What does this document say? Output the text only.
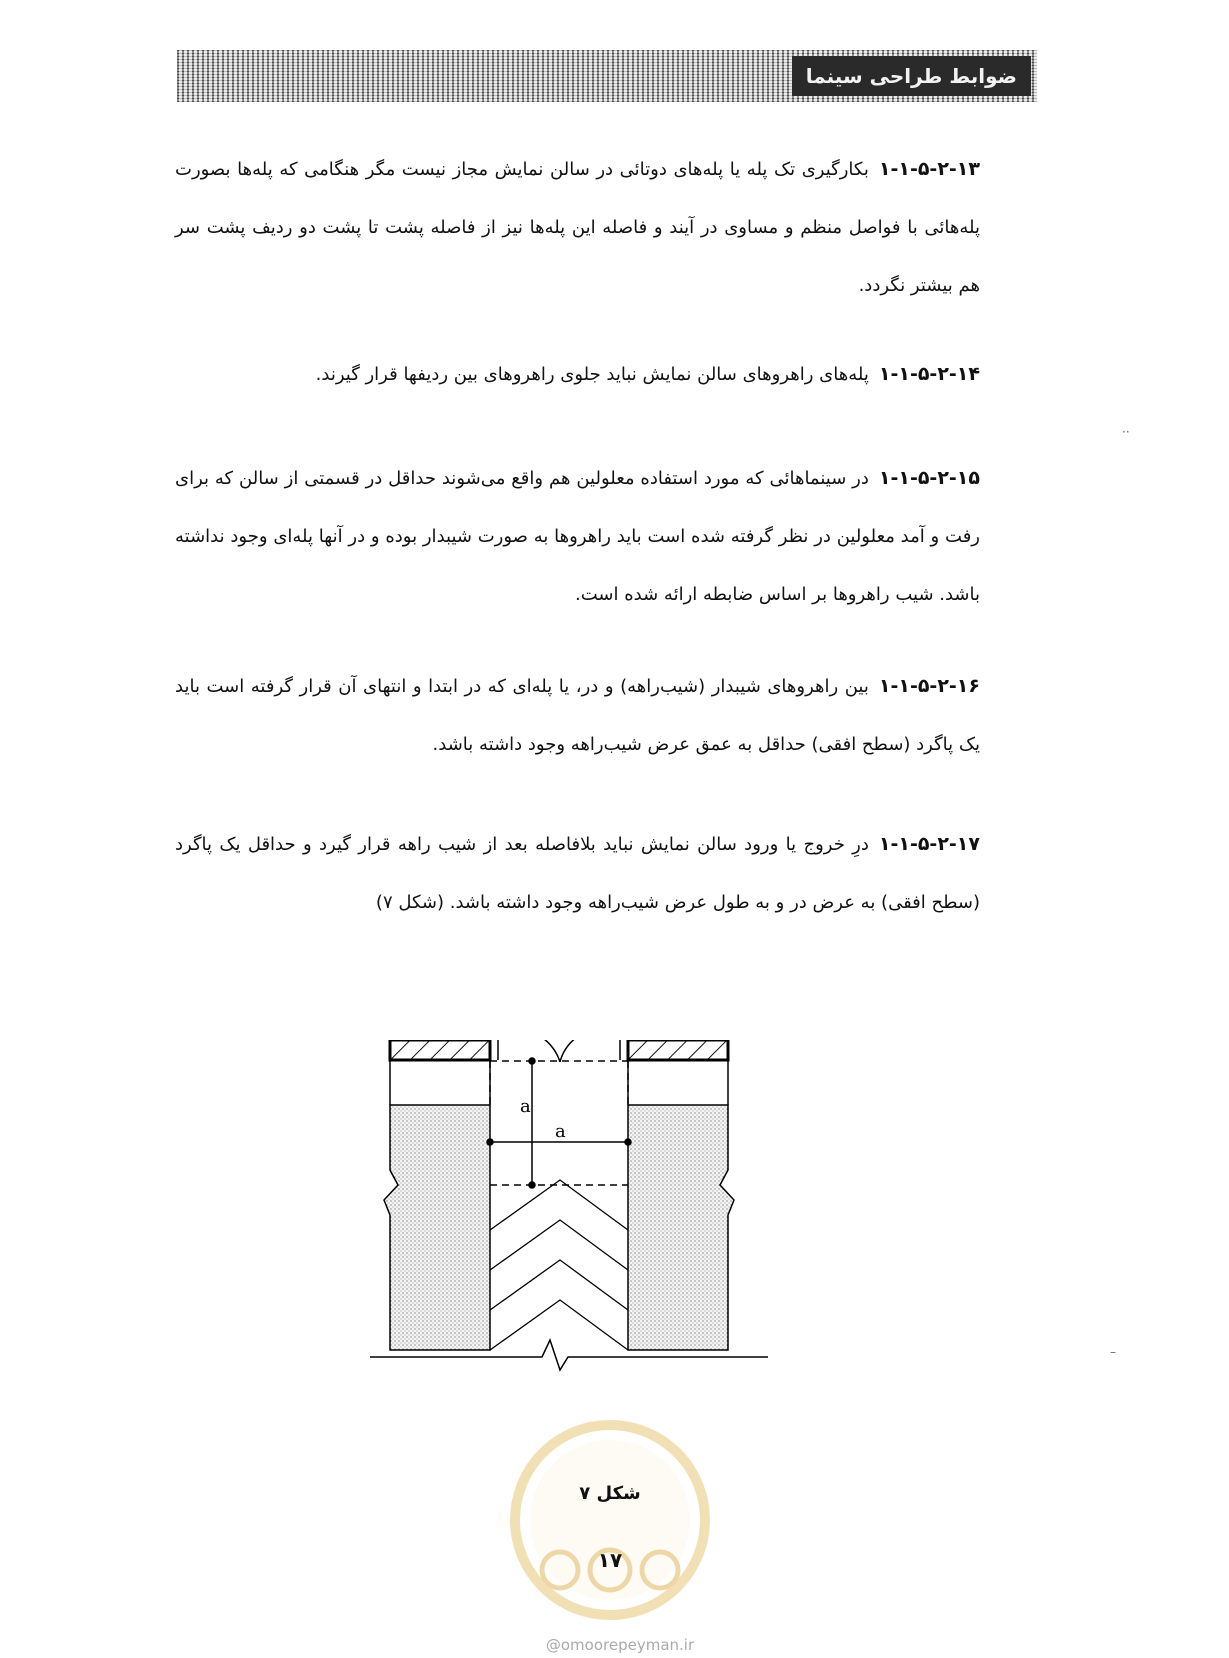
ضوابط طراحی سینما

۱-۱-۵-۲-۱۳بکارگیری تک پله یا پله‌های دوتائی در سالن نمایش مجاز نیست مگر هنگامی که پله‌ها بصورت پله‌هائی با فواصل منظم و مساوی در آیند و فاصله این پله‌ها نیز از فاصله پشت تا پشت دو ردیف پشت سر هم بیشتر نگردد.

۱-۱-۵-۲-۱۴پله‌های راهروهای سالن نمایش نباید جلوی راهروهای بین ردیفها قرار گیرند.

۱-۱-۵-۲-۱۵در سینماهائی که مورد استفاده معلولین هم واقع می‌شوند حداقل در قسمتی از سالن که برای رفت و آمد معلولین در نظر گرفته شده است باید راهروها به صورت شیبدار بوده و در آنها پله‌ای وجود نداشته باشد. شیب راهروها بر اساس ضابطه ارائه شده است.

۱-۱-۵-۲-۱۶بین راهروهای شیبدار (شیب‌راهه) و در، یا پله‌ای که در ابتدا و انتهای آن قرار گرفته است باید یک پاگرد (سطح افقی) حداقل به عمق عرض شیب‌راهه وجود داشته باشد.

۱-۱-۵-۲-۱۷درِ خروج یا ورود سالن نمایش نباید بلافاصله بعد از شیب راهه قرار گیرد و حداقل یک پاگرد (سطح افقی) به عرض در و به طول عرض شیب‌راهه وجود داشته باشد. (شکل ۷)

a
a
شکل ۷
۱۷
@omoorepeyman.ir
··
–
